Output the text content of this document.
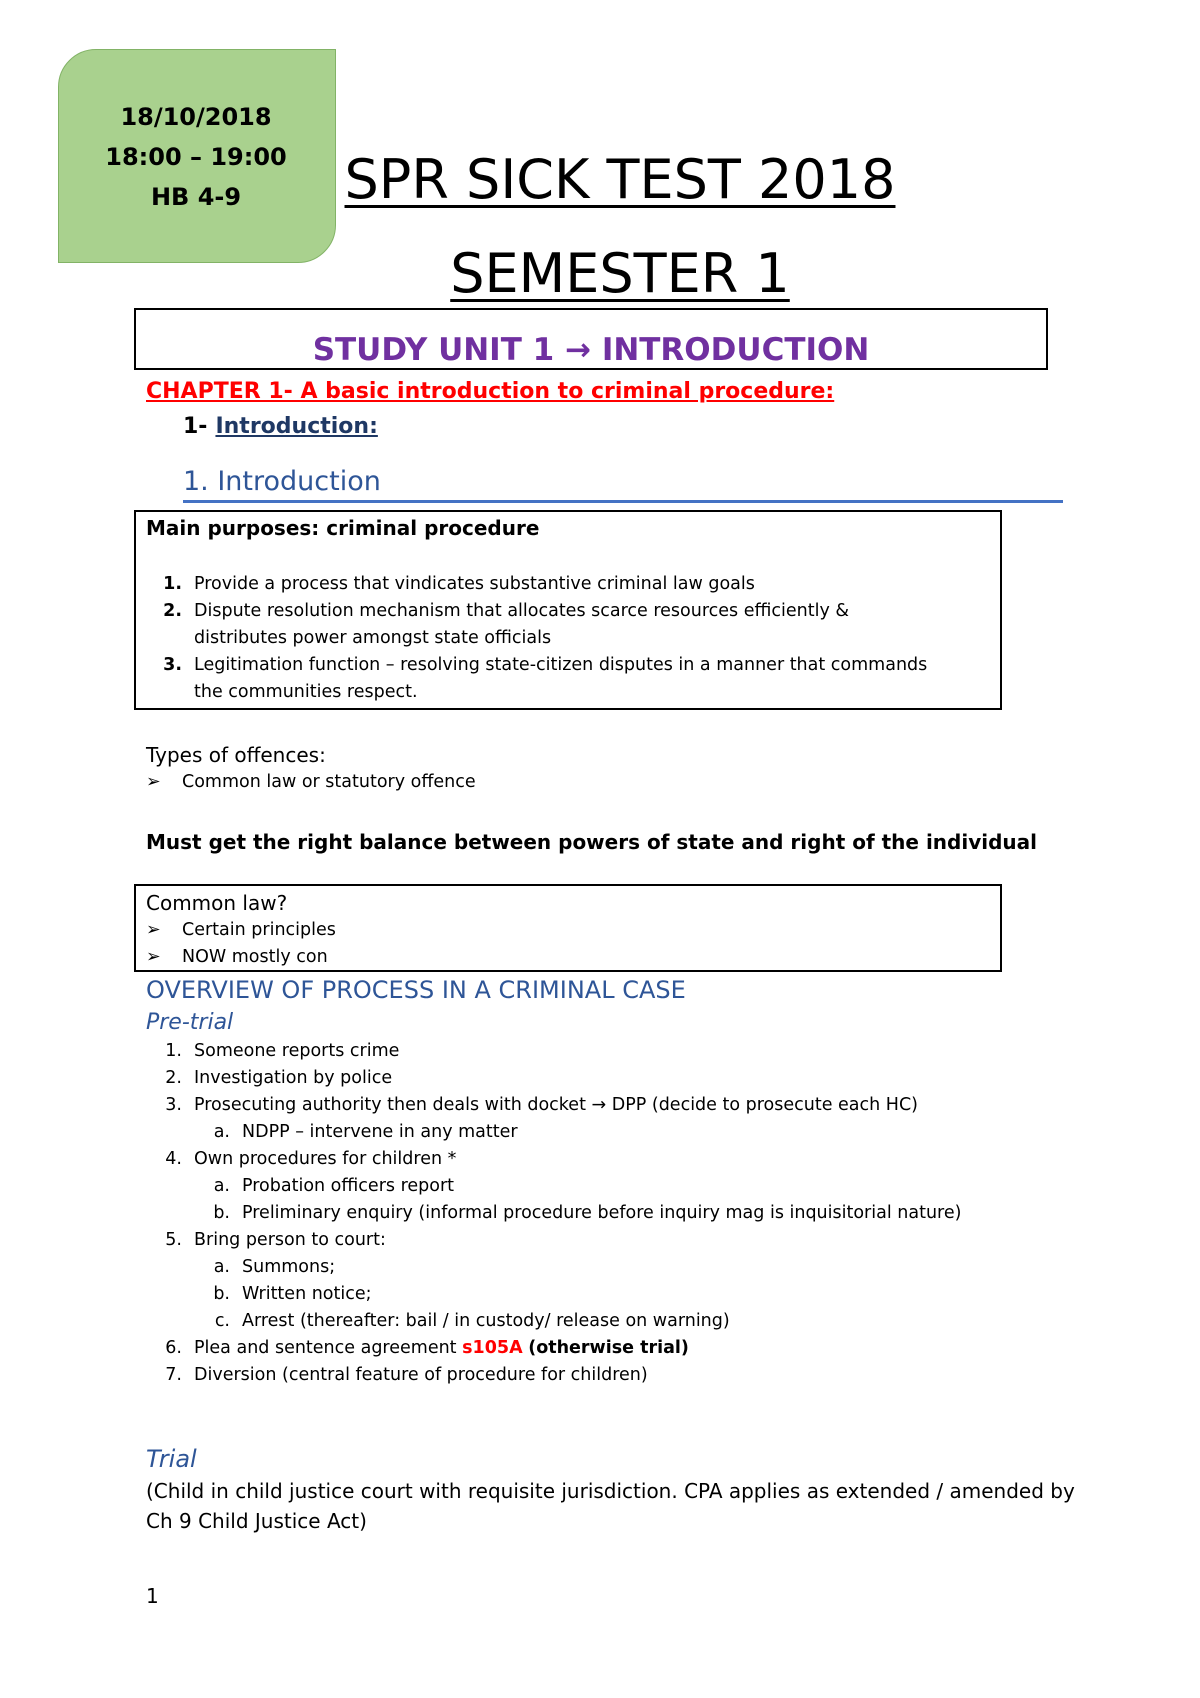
18/10/2018
18:00 – 19:00
HB 4-9	SPR SICK TEST 2018
SEMESTER 1
STUDY UNIT 1 → INTRODUCTION
CHAPTER 1- A basic introduction to criminal procedure:
1- Introduction:
1. Introduction
Main purposes: criminal procedure
1. Provide a process that vindicates substantive criminal law goals
2. Dispute resolution mechanism that allocates scarce resources efficiently &
distributes power amongst state officials
3. Legitimation function – resolving state-citizen disputes in a manner that commands
the communities respect.
Types of offences:
➢ Common law or statutory offence
Must get the right balance between powers of state and right of the individual
Common law?
➢ Certain principles
➢ NOW mostly con
OVERVIEW OF PROCESS IN A CRIMINAL CASE
Pre-trial
1. Someone reports crime
2. Investigation by police
3. Prosecuting authority then deals with docket → DPP (decide to prosecute each HC)
a. NDPP – intervene in any matter
4. Own procedures for children *
a. Probation officers report
b. Preliminary enquiry (informal procedure before inquiry mag is inquisitorial nature)
5. Bring person to court:
a. Summons;
b. Written notice;
c. Arrest (thereafter: bail / in custody/ release on warning)
6. Plea and sentence agreement s105A (otherwise trial)
7. Diversion (central feature of procedure for children)
Trial
(Child in child justice court with requisite jurisdiction. CPA applies as extended / amended by
Ch 9 Child Justice Act)
1
